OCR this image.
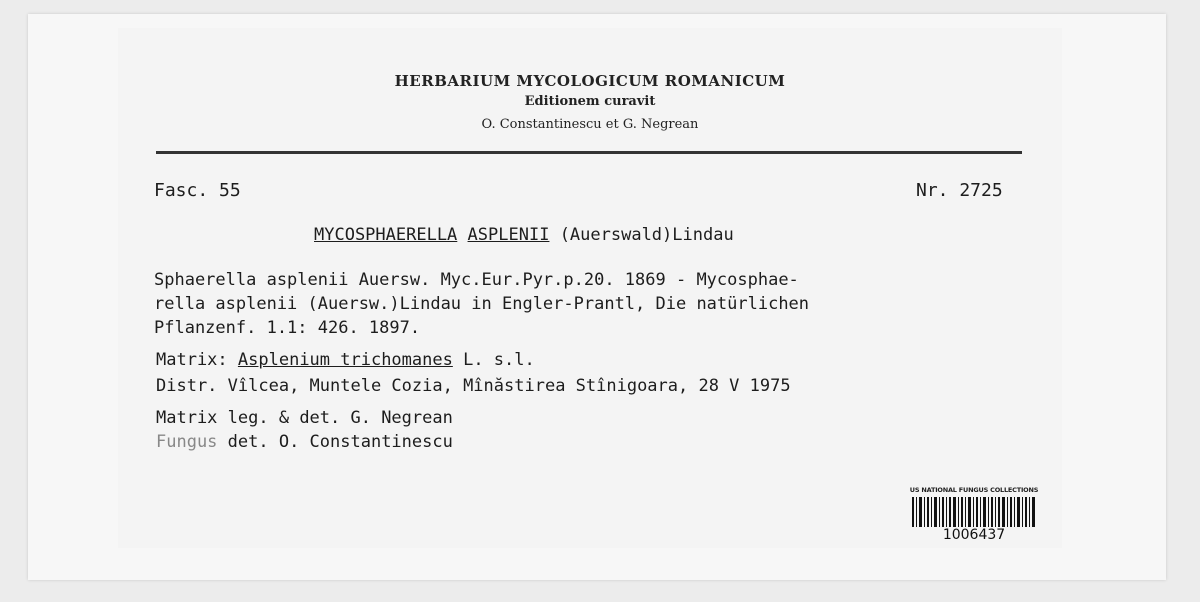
HERBARIUM MYCOLOGICUM ROMANICUM
Editionem curavit
O. Constantinescu et G. Negrean
Fasc. 55	Nr. 2725
MYCOSPHAERELLA ASPLENII (Auerswald)Lindau
Sphaerella asplenii Auersw. Myc.Eur.Pyr.p.20. 1869 - Mycosphae-
rella asplenii (Auersw.)Lindau in Engler-Prantl, Die natürlichen
Pflanzenf. 1.1: 426. 1897.
Matrix: Asplenium trichomanes L. s.l.
Distr. Vîlcea, Muntele Cozia, Mînăstirea Stînigoara, 28 V 1975
Matrix leg. & det. G. Negrean
Fungus det. O. Constantinescu
US NATIONAL FUNGUS COLLECTIONS
1006437
